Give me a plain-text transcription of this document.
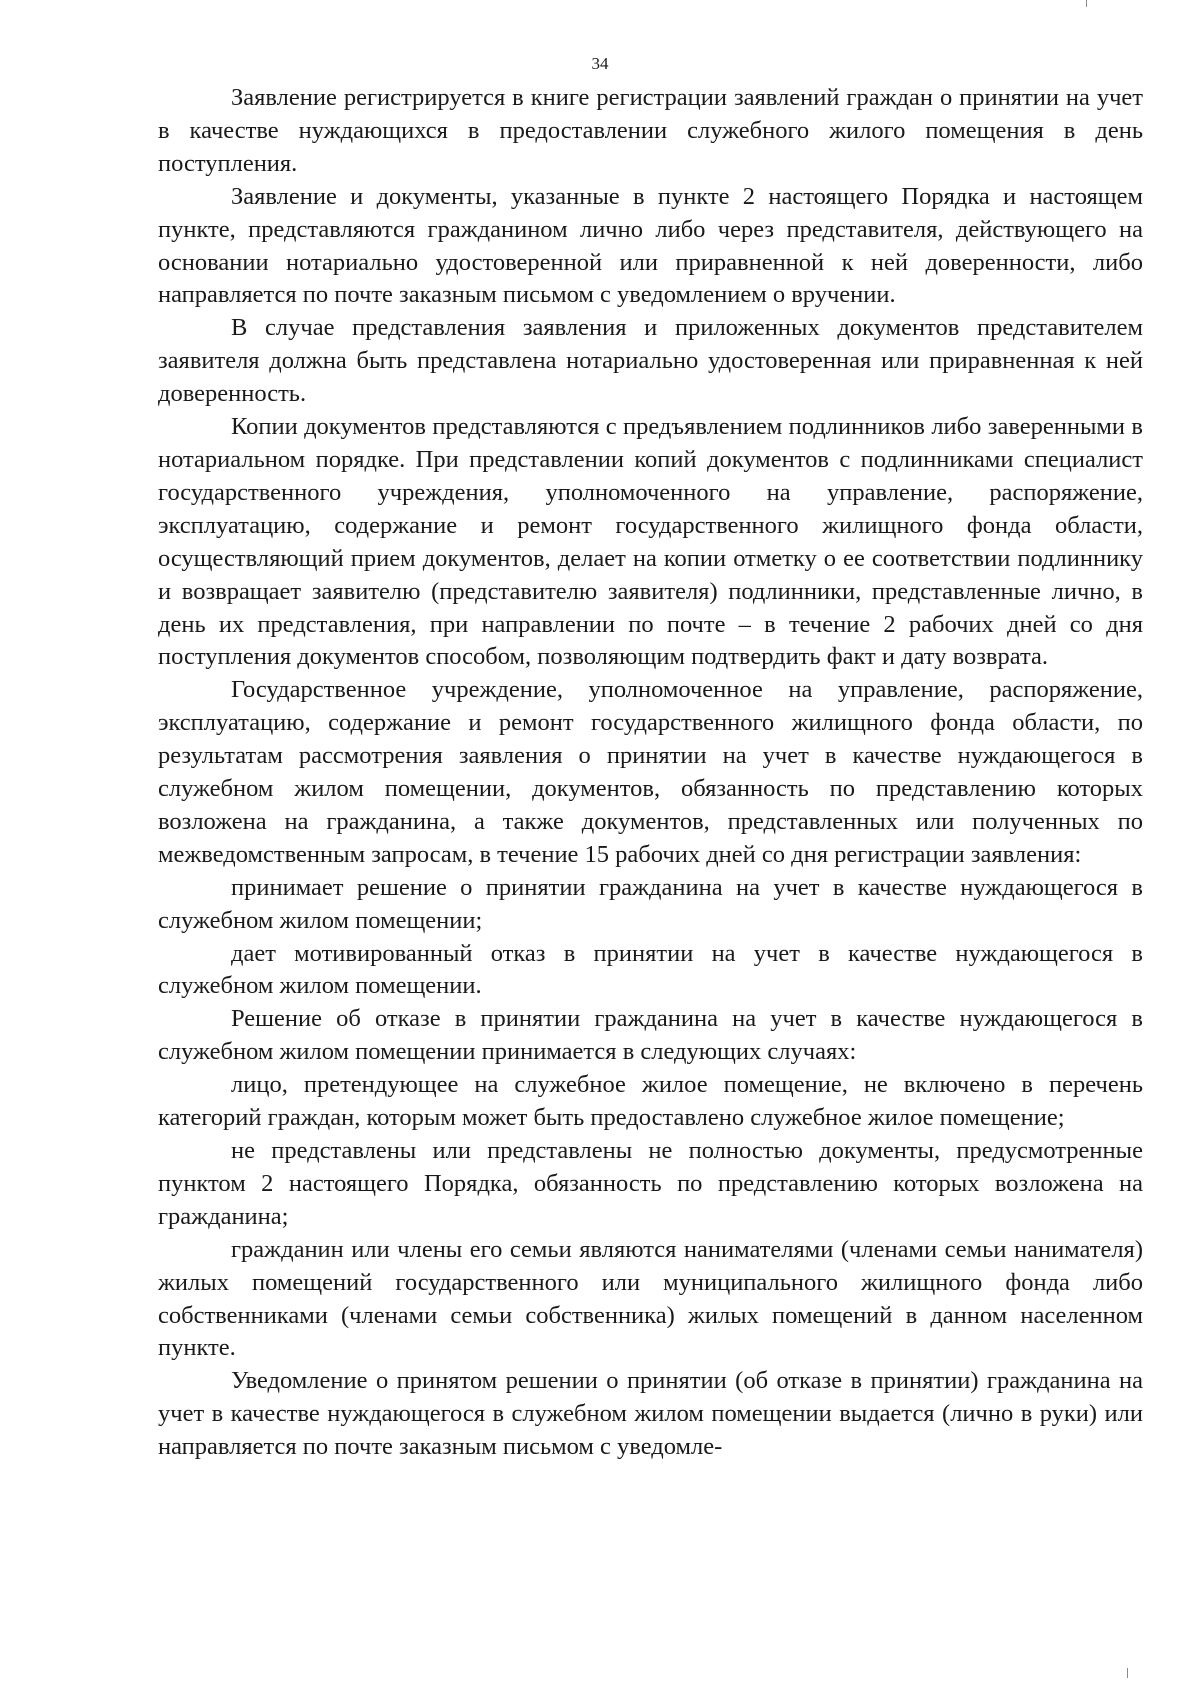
34

Заявление регистрируется в книге регистрации заявлений граждан о принятии на учет в качестве нуждающихся в предоставлении служебного жилого помещения в день поступления.

Заявление и документы, указанные в пункте 2 настоящего Порядка и настоящем пункте, представляются гражданином лично либо через представителя, действующего на основании нотариально удостоверенной или приравненной к ней доверенности, либо направляется по почте заказным письмом с уведомлением о вручении.

В случае представления заявления и приложенных документов представителем заявителя должна быть представлена нотариально удостоверенная или приравненная к ней доверенность.

Копии документов представляются с предъявлением подлинников либо заверенными в нотариальном порядке. При представлении копий документов с подлинниками специалист государственного учреждения, уполномоченного на управление, распоряжение, эксплуатацию, содержание и ремонт государственного жилищного фонда области, осуществляющий прием документов, делает на копии отметку о ее соответствии подлиннику и возвращает заявителю (представителю заявителя) подлинники, представленные лично, в день их представления, при направлении по почте – в течение 2 рабочих дней со дня поступления документов способом, позволяющим подтвердить факт и дату возврата.

Государственное учреждение, уполномоченное на управление, распоряжение, эксплуатацию, содержание и ремонт государственного жилищного фонда области, по результатам рассмотрения заявления о принятии на учет в качестве нуждающегося в служебном жилом помещении, документов, обязанность по представлению которых возложена на гражданина, а также документов, представленных или полученных по межведомственным запросам, в течение 15 рабочих дней со дня регистрации заявления:

принимает решение о принятии гражданина на учет в качестве нуждающегося в служебном жилом помещении;

дает мотивированный отказ в принятии на учет в качестве нуждающегося в служебном жилом помещении.

Решение об отказе в принятии гражданина на учет в качестве нуждающегося в служебном жилом помещении принимается в следующих случаях:

лицо, претендующее на служебное жилое помещение, не включено в перечень категорий граждан, которым может быть предоставлено служебное жилое помещение;

не представлены или представлены не полностью документы, предусмотренные пунктом 2 настоящего Порядка, обязанность по представлению которых возложена на гражданина;

гражданин или члены его семьи являются нанимателями (членами семьи нанимателя) жилых помещений государственного или муниципального жилищного фонда либо собственниками (членами семьи собственника) жилых помещений в данном населенном пункте.

Уведомление о принятом решении о принятии (об отказе в принятии) гражданина на учет в качестве нуждающегося в служебном жилом помещении выдается (лично в руки) или направляется по почте заказным письмом с уведомле-
